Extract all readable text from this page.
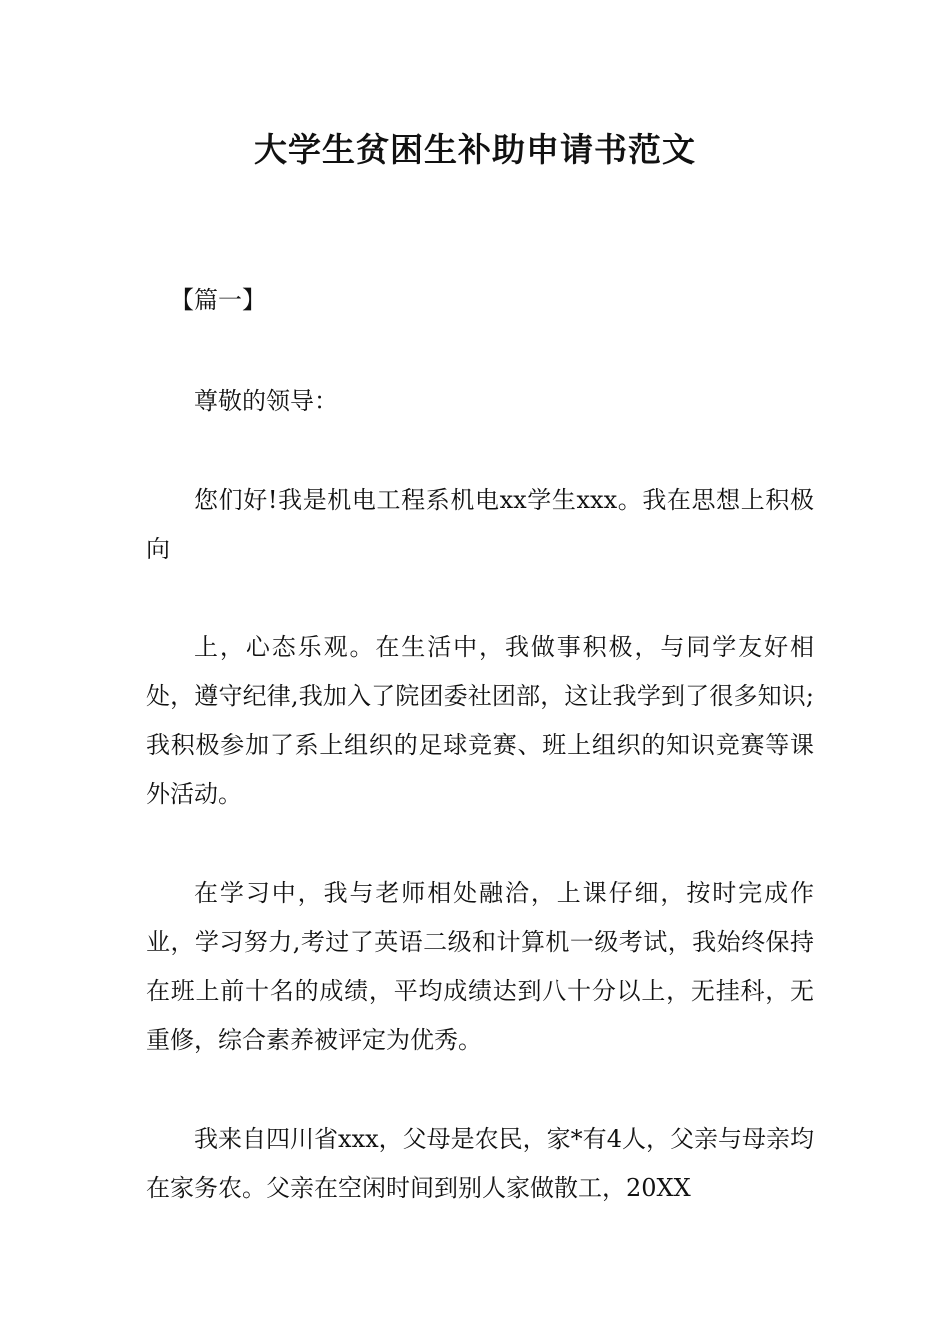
大学生贫困生补助申请书范文

【篇一】

尊敬的领导：

您们好!我是机电工程系机电xx学生xxx。我在思想上积极向

上，心态乐观。在生活中，我做事积极，与同学友好相处，遵守纪律,我加入了院团委社团部，这让我学到了很多知识;我积极参加了系上组织的足球竞赛、班上组织的知识竞赛等课外活动。

在学习中，我与老师相处融洽，上课仔细，按时完成作业，学习努力,考过了英语二级和计算机一级考试，我始终保持在班上前十名的成绩，平均成绩达到八十分以上，无挂科，无重修，综合素养被评定为优秀。

我来自四川省xxx，父母是农民，家*有4人，父亲与母亲均在家务农。父亲在空闲时间到别人家做散工，20XX
